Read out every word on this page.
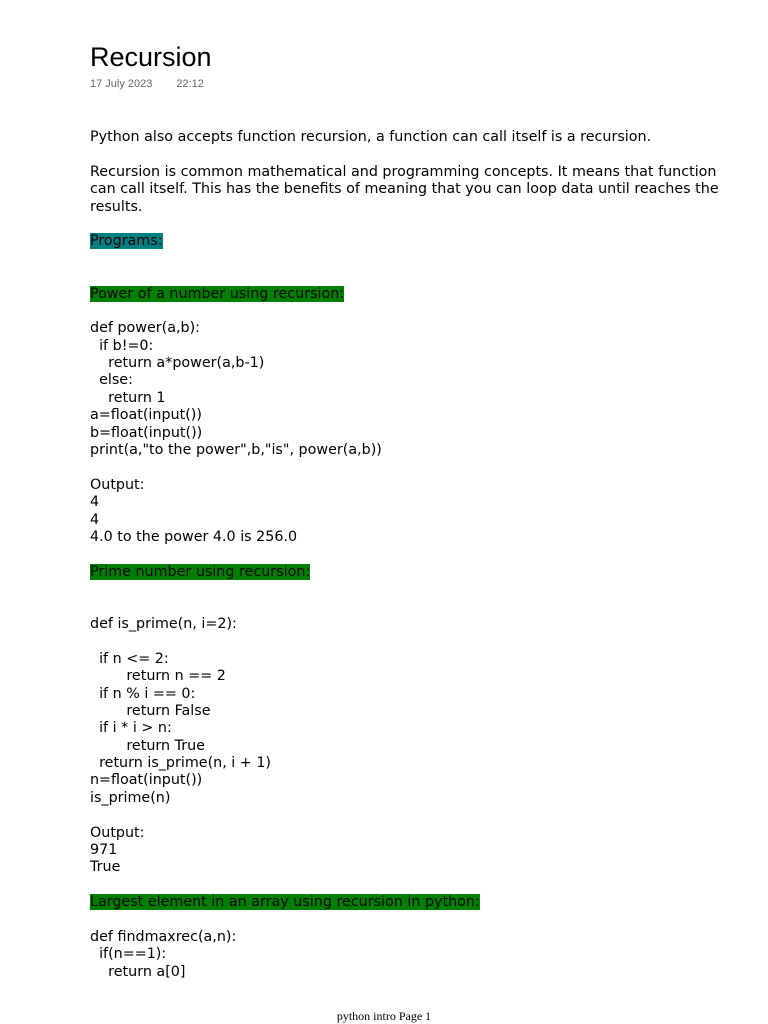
Recursion
17 July 2023 22:12
Python also accepts function recursion, a function can call itself is a recursion.
Recursion is common mathematical and programming concepts. It means that function
can call itself. This has the benefits of meaning that you can loop data until reaches the
results.
Programs:
Power of a number using recursion:
def power(a,b):
if b!=0:
return a*power(a,b-1)
else:
return 1
a=float(input())
b=float(input())
print(a,"to the power",b,"is", power(a,b))
Output:
4
4
4.0 to the power 4.0 is 256.0
Prime number using recursion:
def is_prime(n, i=2):
if n <= 2:
return n == 2
if n % i == 0:
return False
if i * i > n:
return True
return is_prime(n, i + 1)
n=float(input())
is_prime(n)
Output:
971
True
Largest element in an array using recursion in python:
def findmaxrec(a,n):
if(n==1):
return a[0]
python intro Page 1
